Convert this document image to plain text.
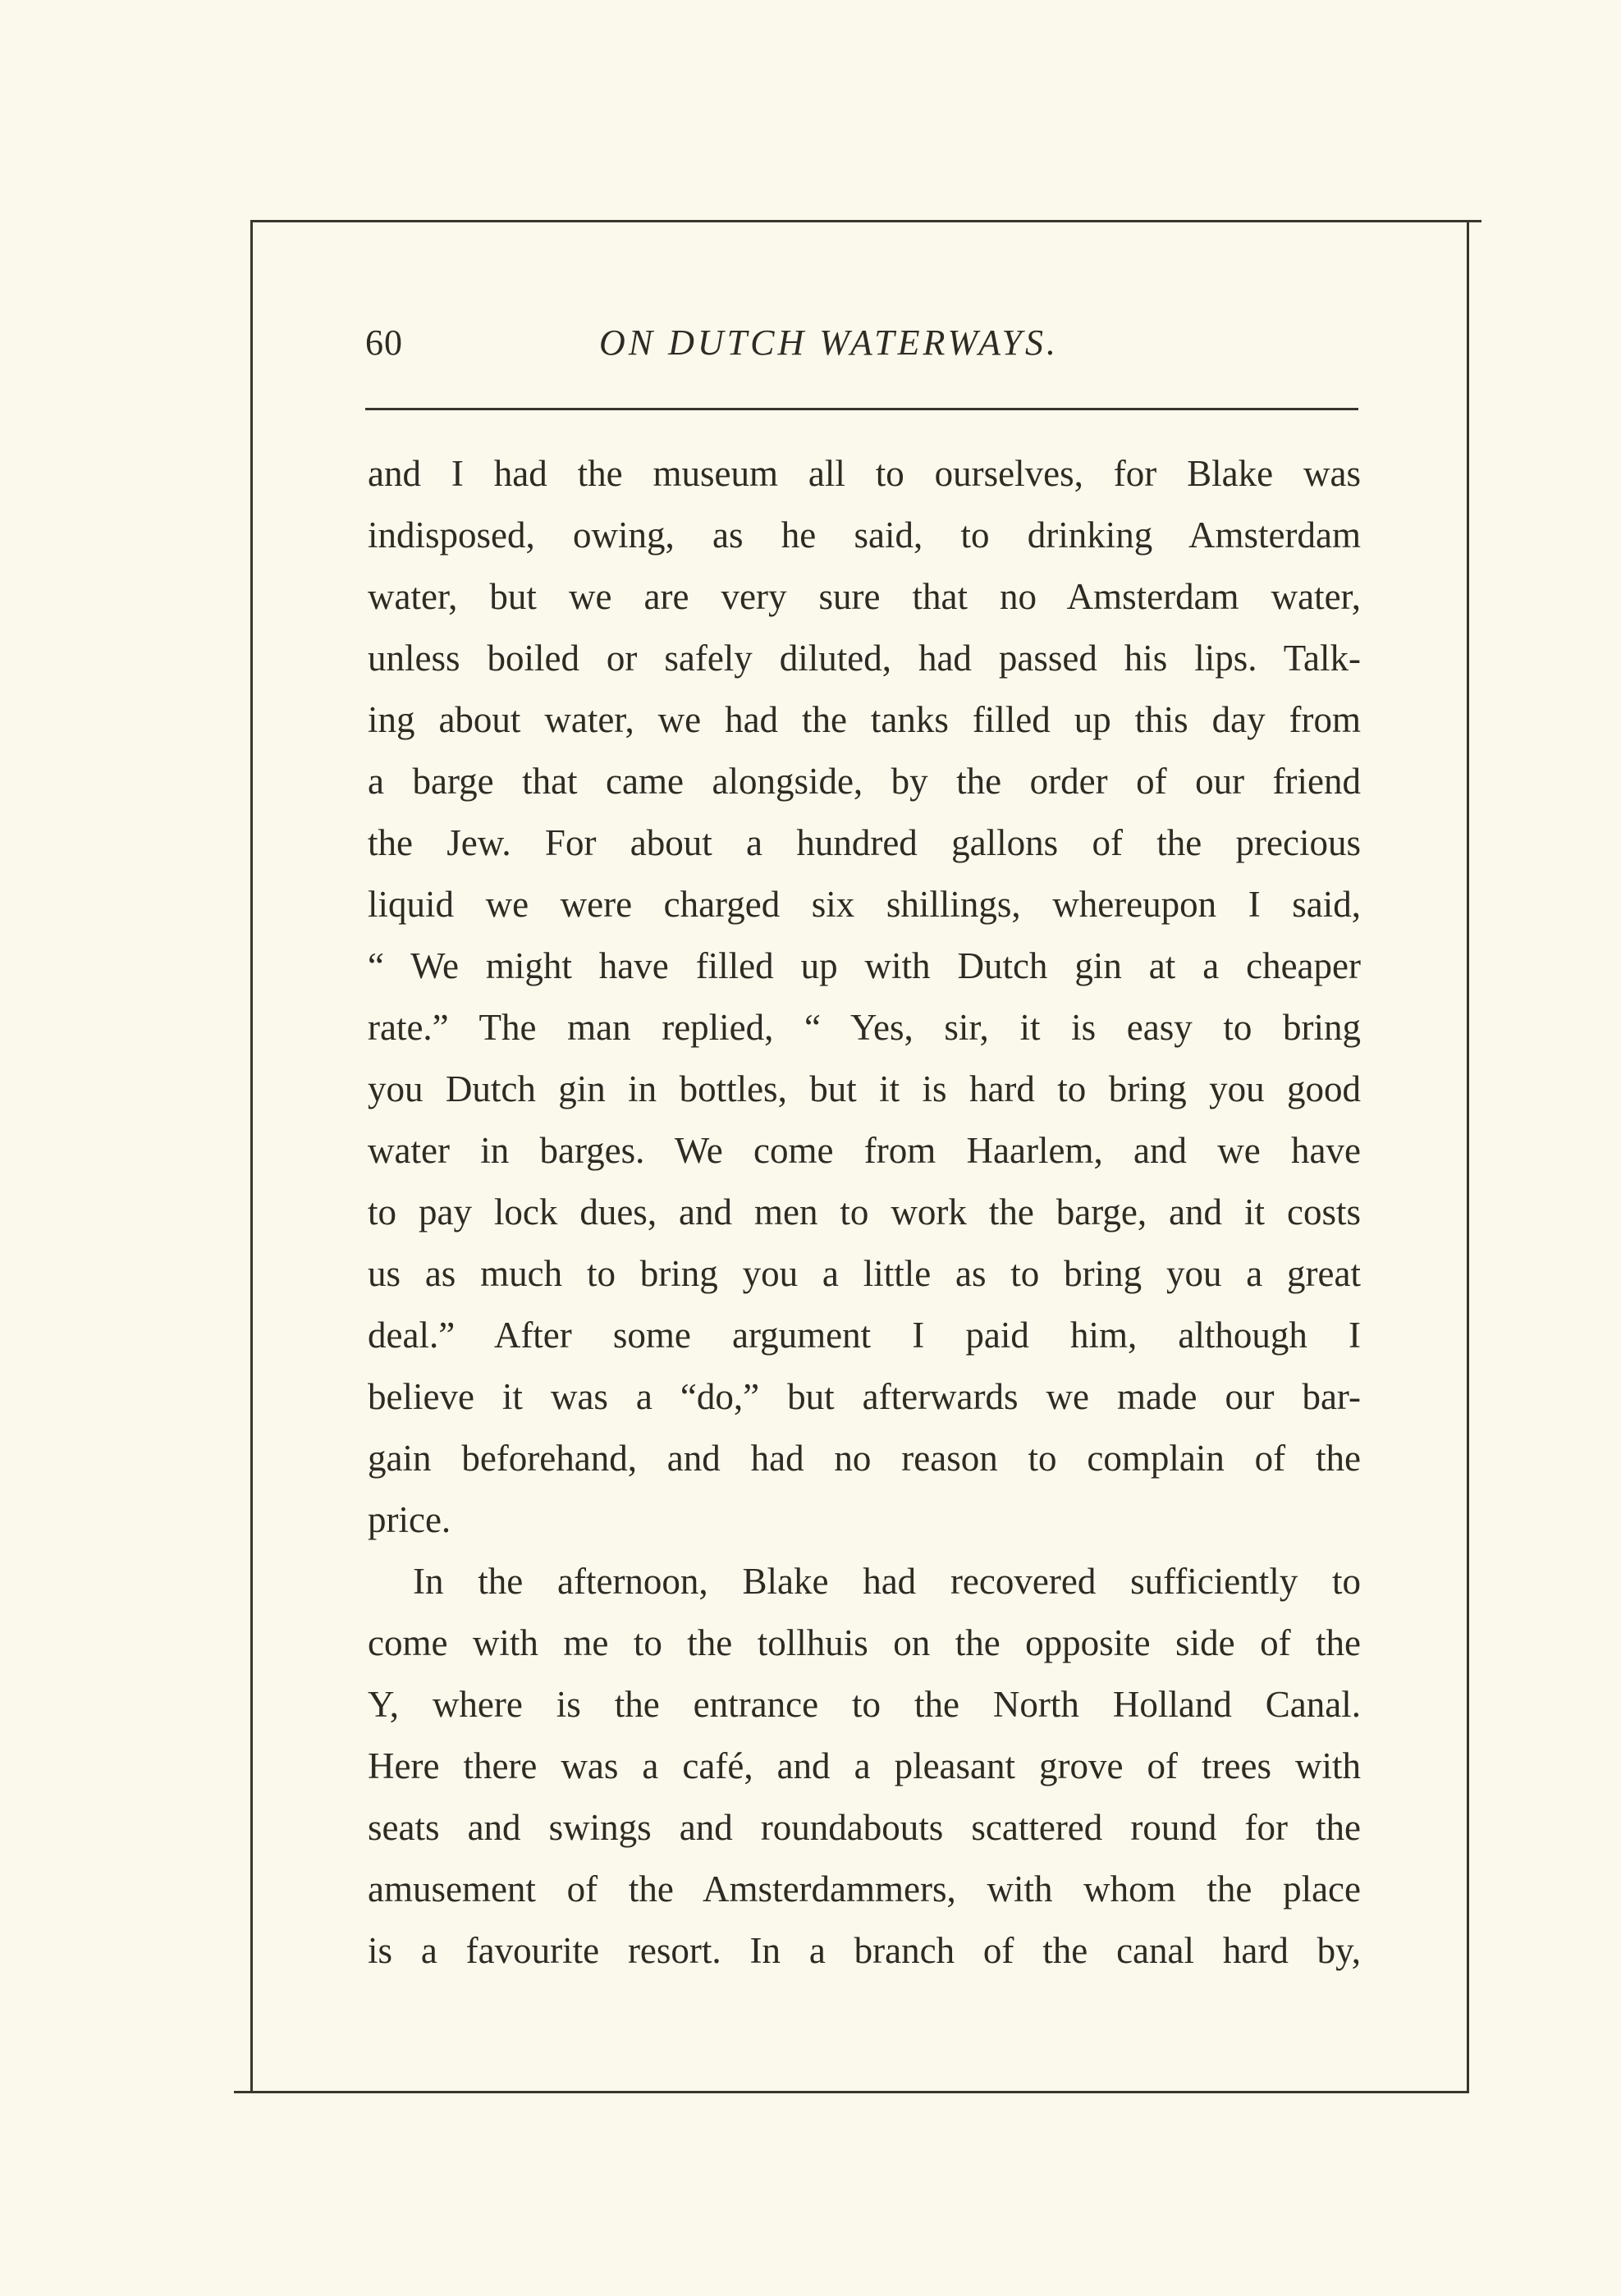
60	ON DUTCH WATERWAYS.
and I had the museum all to ourselves, for Blake was
indisposed, owing, as he said, to drinking Amsterdam
water, but we are very sure that no Amsterdam water,
unless boiled or safely diluted, had passed his lips. Talk-
ing about water, we had the tanks filled up this day from
a barge that came alongside, by the order of our friend
the Jew. For about a hundred gallons of the precious
liquid we were charged six shillings, whereupon I said,
“ We might have filled up with Dutch gin at a cheaper
rate.” The man replied, “ Yes, sir, it is easy to bring
you Dutch gin in bottles, but it is hard to bring you good
water in barges. We come from Haarlem, and we have
to pay lock dues, and men to work the barge, and it costs
us as much to bring you a little as to bring you a great
deal.” After some argument I paid him, although I
believe it was a “do,” but afterwards we made our bar-
gain beforehand, and had no reason to complain of the
price.
In the afternoon, Blake had recovered sufficiently to
come with me to the tollhuis on the opposite side of the
Y, where is the entrance to the North Holland Canal.
Here there was a café, and a pleasant grove of trees with
seats and swings and roundabouts scattered round for the
amusement of the Amsterdammers, with whom the place
is a favourite resort. In a branch of the canal hard by,
